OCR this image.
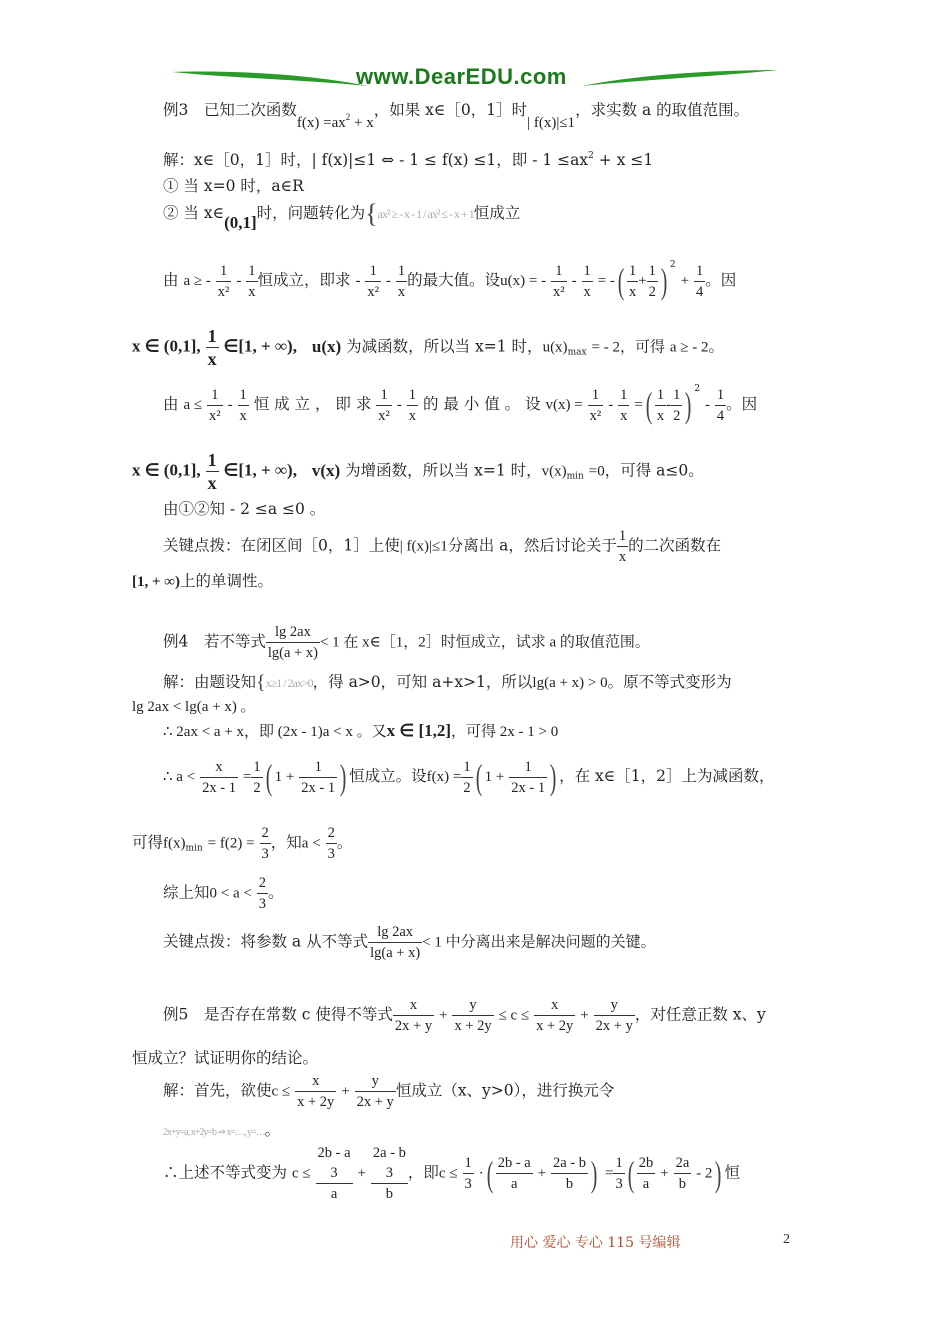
www.DearEDU.com
例3　已知二次函数$f(x) =ax^2 + x$，如果 x∈［0，1］时| f(x)|≤1，求实数 a 的取值范围。
解：x∈［0，1］时，| f(x)|≤1 ⇔ - 1 ≤ f(x) ≤1，即 - $1 \le ax^2 + x \le 1$
① 当 x=0 时，a∈R
② 当 x∈(0,1]时，问题转化为{ax² ≥ - x - 1 / ax² ≤ - x + 1恒成立
由 a ≥ - $\frac{1}{\text{x²}} - \frac{1}{x}$ 恒成立，即求 - $\frac{1}{\text{x²}} - \frac{1}{x}$ 的最大值。设u(x) = - $\frac{1}{\text{x²}} - \frac{1}{x}$ = -( $\frac{1}{x} + \frac{1}{2}$ ) $^2 + \frac{1}{4}$ 。因
x ∈ (0,1], $\frac{1}{x}$ ∈[1, + ∞), u(x) 为减函数，所以当 x=1 时，$u(x)_{max}$ = - 2，可得 a ≥ - 2。
由 $a \le \frac{1}{\text{x²}} - \frac{1}{x}$ 恒 成 立 ， 即 求 $\frac{1}{\text{x²}} - \frac{1}{x}$ 的 最 小 值 。 设 $v(x) = \frac{1}{\text{x²}} - \frac{1}{x}$ =( $\frac{1}{x} - \frac{1}{2}$ ) $^2 - \frac{1}{4}$ 。因
x ∈ (0,1], $\frac{1}{x}$ ∈[1, + ∞), v(x) 为增函数，所以当 x=1 时，$v(x)_{min} =0$，可得 a≤0。
由①②知 - 2 ≤a ≤0 。
关键点拨：在闭区间［0，1］上使| f(x)|≤1分离出 a，然后讨论关于 $\frac{1}{x}$ 的二次函数在
[1, + ∞)上的单调性。
例4　若不等式 $\frac{\lg 2ax}{\lg(a + x)} < 1$ 在 x∈［1，2］时恒成立，试求 a 的取值范围。
解：由题设知{x≥1 / 2ax>0，得 a>0，可知 a+x>1，所以lg(a + x) > 0。原不等式变形为
lg 2ax < lg(a + x) 。
∴ 2ax < a + x，即 (2x - 1)a < x 。又x ∈ [1,2]，可得 2x - 1 > 0
∴ $a < \frac{x}{2x - 1} = \frac{1}{2}$ ( $1 + \frac{1}{2x - 1}$ ) 恒成立。设$f(x) = \frac{1}{2}$ ( $1 + \frac{1}{2x - 1}$ ) ，在 x∈［1，2］上为减函数，
可得$f(x)_{min} = f(2) = \frac{2}{3}$ ，知$a < \frac{2}{3}$ 。
综上知$0 < a < \frac{2}{3}$ 。
关键点拨：将参数 a 从不等式 $\frac{\lg 2ax}{\lg(a + x)} < 1$ 中分离出来是解决问题的关键。
例5　是否存在常数 c 使得不等式 $\frac{x}{2x + y} + \frac{y}{x + 2y} \le c \le \frac{x}{x + 2y} + \frac{y}{2x + y}$ ，对任意正数 x、y
恒成立？试证明你的结论。
解：首先，欲使$c \le \frac{x}{x + 2y} + \frac{y}{2x + y}$ 恒成立（x、y>0），进行换元令
2x+y=a, x+2y=b ⇒ x=…, y=…。
∴上述不等式变为 c ≤
2b - a
3
a
+
2a - b
3
b
，即$c \le \frac{1}{3}$ ·( $\frac{2b - a}{a} + \frac{2a - b}{b}$ ) = $\frac{1}{3}$ ( $\frac{2b}{a} + \frac{2a}{b} - 2$) 恒
用心 爱心 专心 115 号编辑	2
